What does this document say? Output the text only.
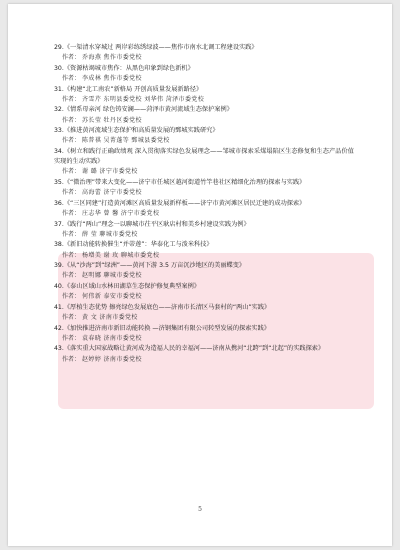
29.《一渠清水穿城过 两岸彩练绣绿波——焦作市南水北调工程建设实践》
作者： 乔海燕 焦作市委党校
30.《资源枯竭城市焦作：从黑色印象到绿色新机》
作者： 李成林 焦作市委党校
31.《构建“北工南农”新格局 开创高质量发展新路径》
作者： 齐雪芹 东明县委党校 刘华伟 菏泽市委党校
32.《情系母亲河 绿色铸安澜——菏泽市黄河流域生态保护案例》
作者： 苏长莹 牡丹区委党校
33.《推进黄河流域生态保护和高质量发展的鄄城实践研究》
作者： 陈普祺 吴菁蓬等 鄄城县委党校
34.《树立和践行正确政绩观 深入贯彻落实绿色发展理念——邹城市探索采煤塌陷区生态修复和生态产品价值实现的生动实践》
作者： 谢 璐 济宁市委党校
35.《“微治理”带来大变化——济宁市任城区越河街道竹竿巷社区精细化治理的探索与实践》
作者： 高海蕾 济宁市委党校
36.《“三区同建”打造黄河滩区高质量发展新样板——济宁市黄河滩区居民迁建的成功探索》
作者： 庄志华 曾 馨 济宁市委党校
37.《践行“两山”理念一以聊城市茌平区耿店村和美乡村建设实践为例》
作者： 薛 莹 聊城市委党校
38.《新旧动能转换催生“并蒂莲”：华泰化工与泼米科技》
作者： 杨增美 谢 玫 聊城市委党校
39.《从“沙海”到“绿洲”——黄河下游 3.5 万亩沉沙地区的美丽蝶变》
作者： 赵明娜 聊城市委党校
40.《泰山区域山水林田湖草生态保护修复典型案例》
作者： 何伟新 泰安市委党校
41.《厚植生态优势 擦亮绿色发展底色——济南市长清区马套村的“两山”实践》
作者： 黄 文 济南市委党校
42.《加快推进济南市新旧动能转换 —济钢集团有限公司转型发展的探索实践》
作者： 袁春晓 济南市委党校
43.《落实重大国家战略让黄河成为造福人民的幸福河——济南从携河“北跨”到“北起”的实践探索》
作者： 赵婷婷 济南市委党校
5
